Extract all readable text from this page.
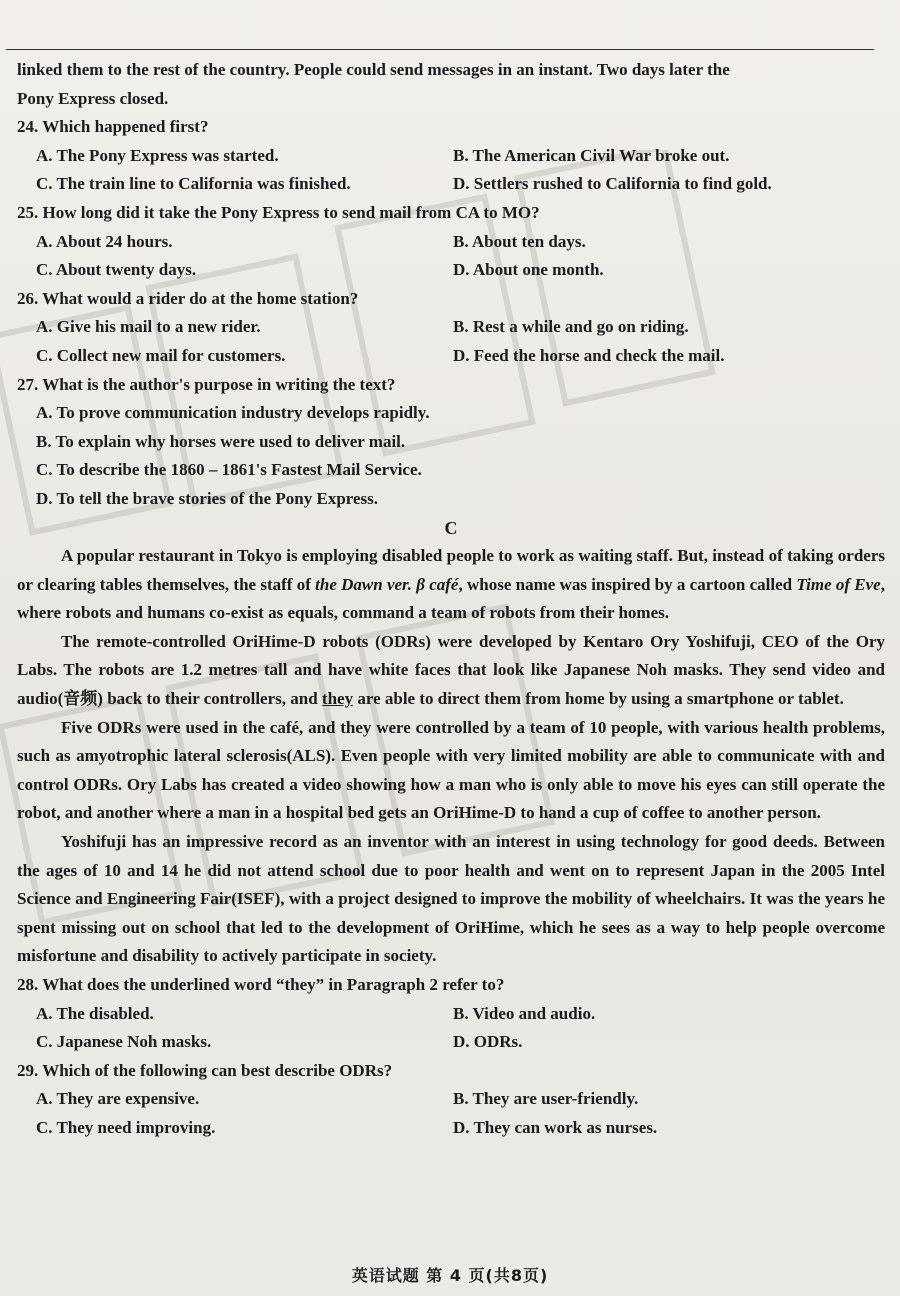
linked them to the rest of the country. People could send messages in an instant. Two days later the
Pony Express closed.
24. Which happened first?
A. The Pony Express was started.	B. The American Civil War broke out.
C. The train line to California was finished.	D. Settlers rushed to California to find gold.
25. How long did it take the Pony Express to send mail from CA to MO?
A. About 24 hours.	B. About ten days.
C. About twenty days.	D. About one month.
26. What would a rider do at the home station?
A. Give his mail to a new rider.	B. Rest a while and go on riding.
C. Collect new mail for customers.	D. Feed the horse and check the mail.
27. What is the author's purpose in writing the text?
A. To prove communication industry develops rapidly.
B. To explain why horses were used to deliver mail.
C. To describe the 1860 – 1861's Fastest Mail Service.
D. To tell the brave stories of the Pony Express.
C

A popular restaurant in Tokyo is employing disabled people to work as waiting staff. But, instead of taking orders or clearing tables themselves, the staff of the Dawn ver. β café, whose name was inspired by a cartoon called Time of Eve, where robots and humans co-exist as equals, command a team of robots from their homes.

The remote-controlled OriHime-D robots (ODRs) were developed by Kentaro Ory Yoshifuji, CEO of the Ory Labs. The robots are 1.2 metres tall and have white faces that look like Japanese Noh masks. They send video and audio(音频) back to their controllers, and they are able to direct them from home by using a smartphone or tablet.

Five ODRs were used in the café, and they were controlled by a team of 10 people, with various health problems, such as amyotrophic lateral sclerosis(ALS). Even people with very limited mobility are able to communicate with and control ODRs. Ory Labs has created a video showing how a man who is only able to move his eyes can still operate the robot, and another where a man in a hospital bed gets an OriHime-D to hand a cup of coffee to another person.

Yoshifuji has an impressive record as an inventor with an interest in using technology for good deeds. Between the ages of 10 and 14 he did not attend school due to poor health and went on to represent Japan in the 2005 Intel Science and Engineering Fair(ISEF), with a project designed to improve the mobility of wheelchairs. It was the years he spent missing out on school that led to the development of OriHime, which he sees as a way to help people overcome misfortune and disability to actively participate in society.

28. What does the underlined word “they” in Paragraph 2 refer to?
A. The disabled.	B. Video and audio.
C. Japanese Noh masks.	D. ODRs.
29. Which of the following can best describe ODRs?
A. They are expensive.	B. They are user-friendly.
C. They need improving.	D. They can work as nurses.
英语试题 第 4 页(共8页)
